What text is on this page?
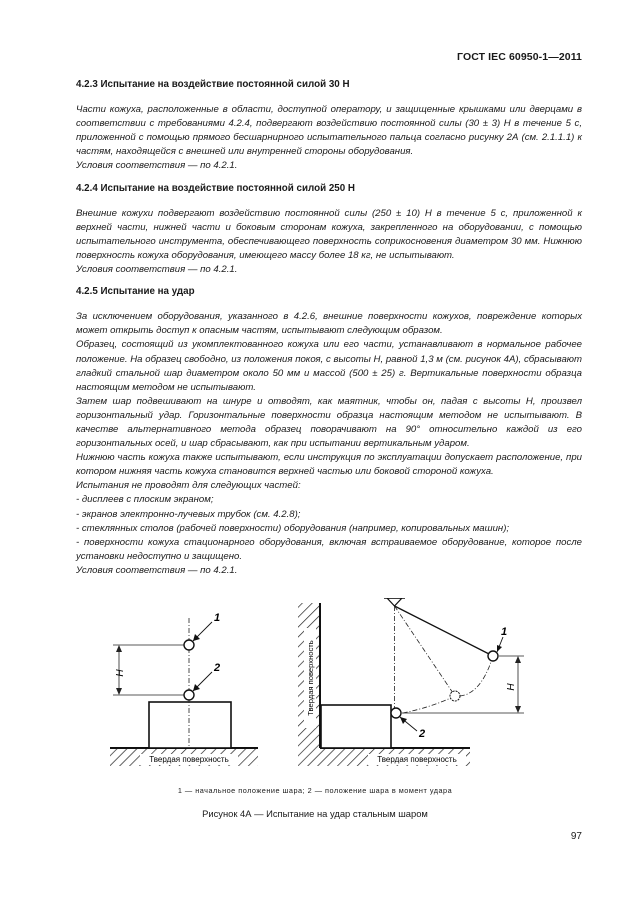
ГОСТ IEC 60950-1—2011
4.2.3 Испытание на воздействие постоянной силой 30 Н

Части кожуха, расположенные в области, доступной оператору, и защищенные крышками или дверцами в соответствии с требованиями 4.2.4, подвергают воздействию постоянной силы (30 ± 3) Н в течение 5 с, приложенной с помощью прямого бесшарнирного испытательного пальца согласно рисунку 2А (см. 2.1.1.1) к частям, находящейся с внешней или внутренней стороны оборудования.

Условия соответствия — по 4.2.1.

4.2.4 Испытание на воздействие постоянной силой 250 Н

Внешние кожухи подвергают воздействию постоянной силы (250 ± 10) Н в течение 5 с, приложенной к верхней части, нижней части и боковым сторонам кожуха, закрепленного на оборудовании, с помощью испытательного инструмента, обеспечивающего поверхность соприкосновения диаметром 30 мм. Нижнюю поверхность кожуха оборудования, имеющего массу более 18 кг, не испытывают.

Условия соответствия — по 4.2.1.

4.2.5 Испытание на удар

За исключением оборудования, указанного в 4.2.6, внешние поверхности кожухов, повреждение которых может открыть доступ к опасным частям, испытывают следующим образом.

Образец, состоящий из укомплектованного кожуха или его части, устанавливают в нормальное рабочее положение. На образец свободно, из положения покоя, с высоты Н, равной 1,3 м (см. рисунок 4А), сбрасывают гладкий стальной шар диаметром около 50 мм и массой (500 ± 25) г. Вертикальные поверхности образца настоящим методом не испытывают.

Затем шар подвешивают на шнуре и отводят, как маятник, чтобы он, падая с высоты Н, произвел горизонтальный удар. Горизонтальные поверхности образца настоящим методом не испытывают. В качестве альтернативного метода образец поворачивают на 90° относительно каждой из его горизонтальных осей, и шар сбрасывают, как при испытании вертикальным ударом.

Нижнюю часть кожуха также испытывают, если инструкция по эксплуатации допускает расположение, при котором нижняя часть кожуха становится верхней частью или боковой стороной кожуха.

Испытания не проводят для следующих частей:

- дисплеев с плоским экраном;

- экранов электронно-лучевых трубок (см. 4.2.8);

- стеклянных столов (рабочей поверхности) оборудования (например, копировальных машин);

- поверхности кожуха стационарного оборудования, включая встраиваемое оборудование, которое после установки недоступно и защищено.

Условия соответствия — по 4.2.1.

Твердая поверхность
H
1
2	Твердая поверхность
Твердая поверхность
H
1
2
1 — начальное положение шара; 2 — положение шара в момент удара
Рисунок 4А — Испытание на удар стальным шаром
97
